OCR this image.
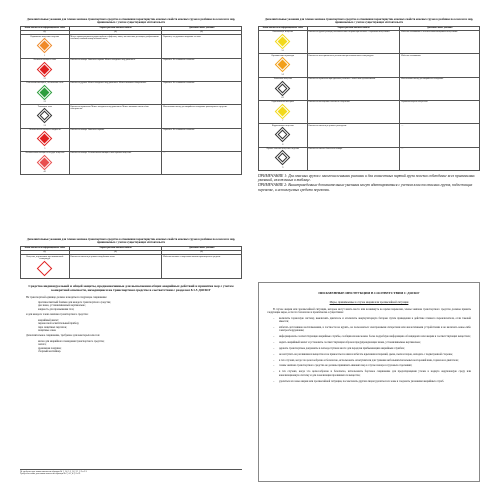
Дополнительные указания для членов экипажа транспортного средства в отношении характеристик опасных свойств опасных грузов в разбивке по классам и мер, принимаемых с учетом существующих обстоятельств
Знаки опасности и информационные табло	Характеристики опасных свойств	Дополнительные указания
(1)	(2)	(3)

Взрывчатые вещества и изделия
1	Могут характеризоваться рядом свойств и эффектов, таких, как массовая детонация; разбрасывание осколков; сильный пожар/тепловой поток.	Укрыться, но держаться подальше от окон.

Воспламеняющиеся газы
2.1	Опасность пожара. Опасность взрыва. Может находиться под давлением.	Укрыться. Не оставаться в низинах.

Невоспламеняющиеся, нетоксичные газы
2.2	Опасность удушья. Может находиться под давлением. Может вызывать обморожение.	Укрыться. Не оставаться в низинах.

Токсичные газы
2.3	Опасность отравления. Может находиться под давлением. Может вызывать ожоги и/или обморожение.	Использовать маску для аварийного покидания транспортного средства.

Легковоспламеняющиеся жидкости
3	Опасность пожара. Опасность взрыва.	Укрыться. Не оставаться в низинах.

Легковоспламеняющиеся твердые вещества
4.1	Опасность пожара. Легковоспламеняющиеся или горючие вещества.	—
Дополнительные указания для членов экипажа транспортного средства в отношении характеристик опасных свойств опасных грузов в разбивке по классам и мер, принимаемых с учетом существующих обстоятельств
Знаки опасности и информационные табло	Характеристики опасных свойств	Дополнительные указания

Окисляющие вещества
5.1	Опасность бурной реакции, воспламенения и взрыва при контакте с горючими веществами.	Избегать смешивания с легковоспламеняющимися веществами.

Органические пероксиды
5.2	Опасность экзотермического разложения при повышенных температурах.	Избегать смешивания.

Токсичные вещества
6.1	Опасность отравления при вдыхании, контакте с кожей или проглатывании.	Использовать маску для аварийного покидания.

Радиоактивный материал
7	Опасность поглощения и внешнего облучения.	Ограничить время облучения.

Коррозионные вещества
8	Опасность ожогов в результате разъедания.	—

Прочие опасные вещества и изделия
9	Опасность ожогов. Опасность пожара.	—
ПРИМЕЧАНИЕ 1: Для опасных грузов с многочисленными рисками и для совместных партий груза полезно соблюдение всех применимых указаний, изложенных в таблице.
ПРИМЕЧАНИЕ 2: Вышеприведенные дополнительные указания могут адаптироваться с учетом классов опасных грузов, подлежащих перевозке, и используемых средств перевозки.
Дополнительные указания для членов экипажа транспортного средства в отношении характеристик опасных свойств опасных грузов в разбивке по классам и мер, принимаемых с учетом существующих обстоятельств
Знаки опасности и информационные табло	Характеристики опасных свойств	Дополнительные указания
(1)	(2)	(3)

Вещества, перевозимые при повышенной температуре	Опасность ожогов в результате воздействия тепла.	Избегать контакта с нагретыми частями транспортного средства.
Средства индивидуальной и общей защиты, предназначенные для выполнения общих аварийных действий и принятия мер с учетом конкретной опасности, находящиеся на транспортном средстве в соответствии с разделом 8.1.5 ДОПОГ
На транспортной единице должно находиться следующее снаряжение:
противооткатный башмак для каждого транспортного средства;
два знака, устанавливаемых вертикально;
жидкость для промывания глаз;
и для каждого члена экипажа транспортного средства:
аварийный жилет;
переносной осветительный прибор;
пара защитных перчаток;
защитные очки.
Дополнительное снаряжение, требуемое для некоторых классов:
маска для аварийного покидания транспортного средства;
лопата;
дренажная ловушка;
сборный контейнер.
Не требуется для знаков опасности образцов № 1, 1.4, 1.5, 1.6, 2.1, 2.2 и 2.3.
Требуется только для знаков опасности образцов № 3, 4.1, 4.3, 8 и 9.
ПИСЬМЕННЫЕ ИНСТРУКЦИИ В СООТВЕТСТВИИ С ДОПОГ
Меры, принимаемые в случае аварии или чрезвычайной ситуации
В случае аварии или чрезвычайной ситуации, которые могут иметь место или возникнуть во время перевозки, члены экипажа транспортного средства должны принять следующие меры, если это безопасно и практически осуществимо:
– включить тормозную систему, выключить двигатель и отключить аккумуляторную батарею путем приведения в действие главного переключателя, если таковой имеется;
– избегать источников воспламенения, в частности не курить, не пользоваться электронными сигаретами или аналогичными устройствами и не включать какое-либо электрооборудование;
– информировать соответствующие аварийные службы, сообщив им как можно более подробную информацию об инциденте или аварии и соответствующих веществах;
– надеть аварийный жилет и установить соответствующим образом предупреждающие знаки, устанавливаемые вертикально;
– держать транспортные документы в легкодоступном месте для передачи прибывающим аварийным службам;
– не наступать на разлившиеся вещества и не прикасаться к ним и избегать вдыхания испарений, дыма, пыли и паров, находясь с подветренной стороны;
– в тех случаях, когда это целесообразно и безопасно, использовать огнетушители для тушения небольших/начальных возгораний шин, тормозов и двигателя;
– члены экипажа транспортного средства не должны принимать никаких мер в случае пожара в грузовых отделениях;
– в тех случаях, когда это целесообразно и безопасно, использовать бортовое снаряжение для предотвращения утечек в водную окружающую среду или канализационную систему и для локализации пролившегося вещества;
– удалиться из зоны аварии или чрезвычайной ситуации, посоветовать другим лицам удалиться из зоны и следовать указаниям аварийных служб.
